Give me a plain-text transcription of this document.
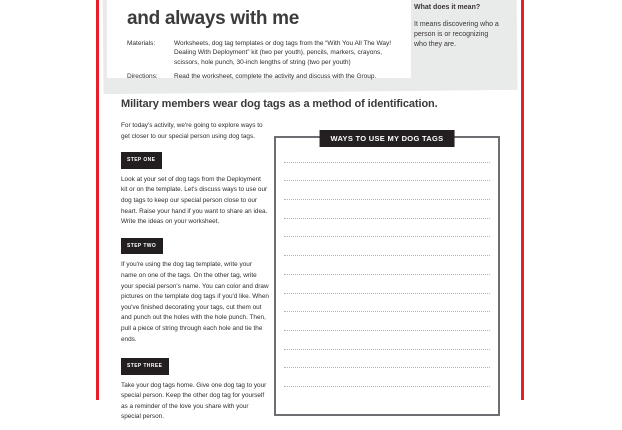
and always with me
Materials:	Worksheets, dog tag templates or dog tags from the “With You All The Way! Dealing With Deployment” kit (two per youth), pencils, markers, crayons, scissors, hole punch, 30-inch lengths of string (two per youth)
Directions:	Read the worksheet, complete the activity and discuss with the Group.
What does it mean?
It means discovering who a person is or recognizing who they are.
Military members wear dog tags as a method of identification.

For today's activity, we're going to explore ways to get closer to our special person using dog tags.

STEP ONE

Look at your set of dog tags from the Deployment kit or on the template. Let's discuss ways to use our dog tags to keep our special person close to our heart. Raise your hand if you want to share an idea. Write the ideas on your worksheet.

STEP TWO

If you're using the dog tag template, write your name on one of the tags. On the other tag, write your special person's name. You can color and draw pictures on the template dog tags if you'd like. When you've finished decorating your tags, cut them out and punch out the holes with the hole punch. Then, pull a piece of string through each hole and tie the ends.

STEP THREE

Take your dog tags home. Give one dog tag to your special person. Keep the other dog tag for yourself as a reminder of the love you share with your special person.

WAYS TO USE MY DOG TAGS
